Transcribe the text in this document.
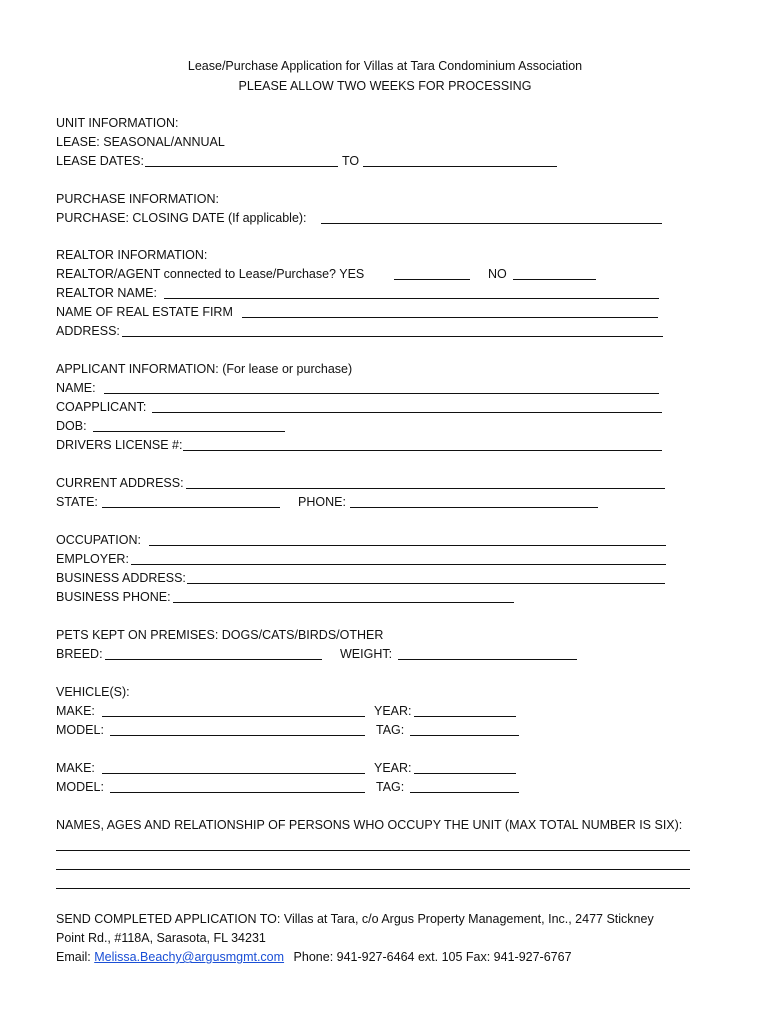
Lease/Purchase Application for Villas at Tara Condominium Association
PLEASE ALLOW TWO WEEKS FOR PROCESSING
UNIT INFORMATION:
LEASE: SEASONAL/ANNUAL
LEASE DATES:	TO
PURCHASE INFORMATION:
PURCHASE: CLOSING DATE (If applicable):
REALTOR INFORMATION:
REALTOR/AGENT connected to Lease/Purchase? YES	NO
REALTOR NAME:
NAME OF REAL ESTATE FIRM
ADDRESS:
APPLICANT INFORMATION: (For lease or purchase)
NAME:
COAPPLICANT:
DOB:
DRIVERS LICENSE #:
CURRENT ADDRESS:
STATE:	PHONE:
OCCUPATION:
EMPLOYER:
BUSINESS ADDRESS:
BUSINESS PHONE:
PETS KEPT ON PREMISES: DOGS/CATS/BIRDS/OTHER
BREED:	WEIGHT:
VEHICLE(S):
MAKE:	YEAR:
MODEL:	TAG:
MAKE:	YEAR:
MODEL:	TAG:
NAMES, AGES AND RELATIONSHIP OF PERSONS WHO OCCUPY THE UNIT (MAX TOTAL NUMBER IS SIX):
SEND COMPLETED APPLICATION TO: Villas at Tara, c/o Argus Property Management, Inc., 2477 Stickney
Point Rd., #118A, Sarasota, FL 34231
Email: Melissa.Beachy@argusmgmt.com Phone: 941-927-6464 ext. 105 Fax: 941-927-6767
